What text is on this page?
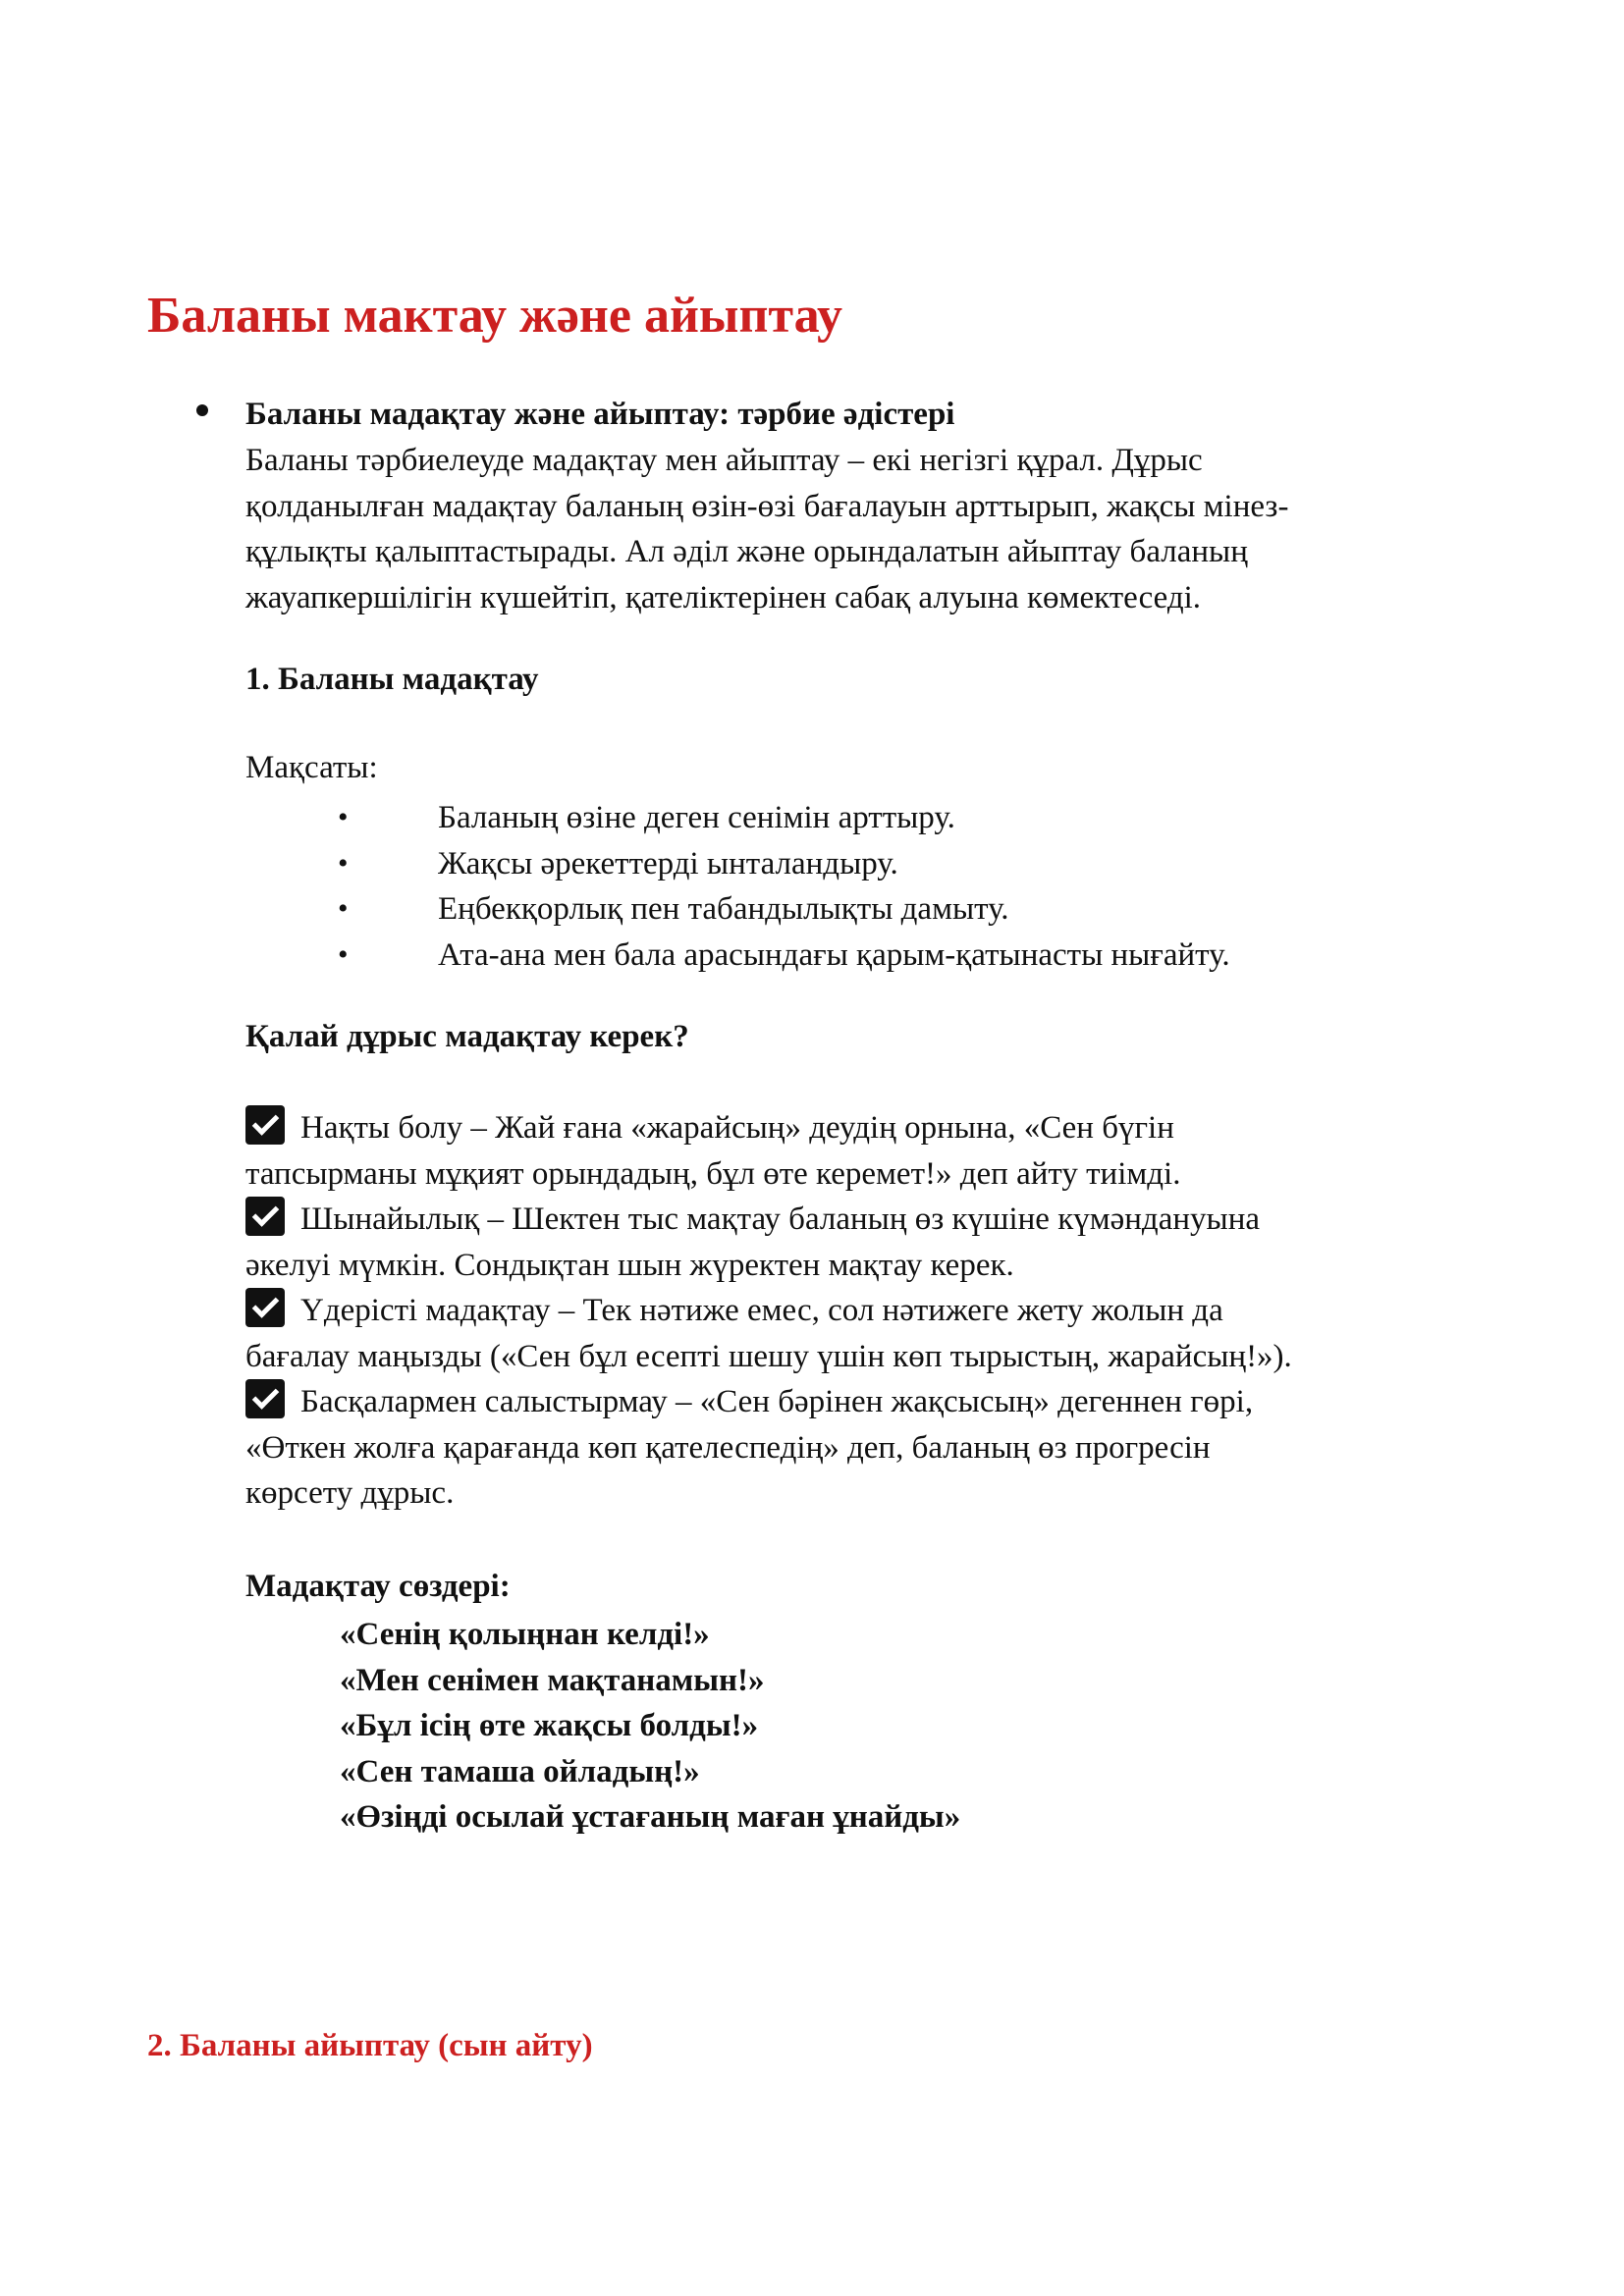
Баланы мактау және айыптау
Баланы мадақтау және айыптау: тәрбие әдістері
Баланы тәрбиелеуде мадақтау мен айыптау – екі негізгі құрал. Дұрыс
қолданылған мадақтау баланың өзін-өзі бағалауын арттырып, жақсы мінез-
құлықты қалыптастырады. Ал әділ және орындалатын айыптау баланың
жауапкершілігін күшейтіп, қателіктерінен сабақ алуына көмектеседі.
1. Баланы мадақтау
Мақсаты:
•	Баланың өзіне деген сенімін арттыру.
•	Жақсы әрекеттерді ынталандыру.
•	Еңбекқорлық пен табандылықты дамыту.
•	Ата-ана мен бала арасындағы қарым-қатынасты нығайту.
Қалай дұрыс мадақтау керек?
Нақты болу – Жай ғана «жарайсың» деудің орнына, «Сен бүгін
тапсырманы мұқият орындадың, бұл өте керемет!» деп айту тиімді.
Шынайылық – Шектен тыс мақтау баланың өз күшіне күмәндануына
әкелуі мүмкін. Сондықтан шын жүректен мақтау керек.
Үдерісті мадақтау – Тек нәтиже емес, сол нәтижеге жету жолын да
бағалау маңызды («Сен бұл есепті шешу үшін көп тырыстың, жарайсың!»).
Басқалармен салыстырмау – «Сен бәрінен жақсысың» дегеннен гөрі,
«Өткен жолға қарағанда көп қателеспедің» деп, баланың өз прогресін
көрсету дұрыс.
Мадақтау сөздері:
«Сенің қолыңнан келді!»
«Мен сенімен мақтанамын!»
«Бұл ісің өте жақсы болды!»
«Сен тамаша ойладың!»
«Өзіңді осылай ұстағаның маған ұнайды»
2. Баланы айыптау (сын айту)
